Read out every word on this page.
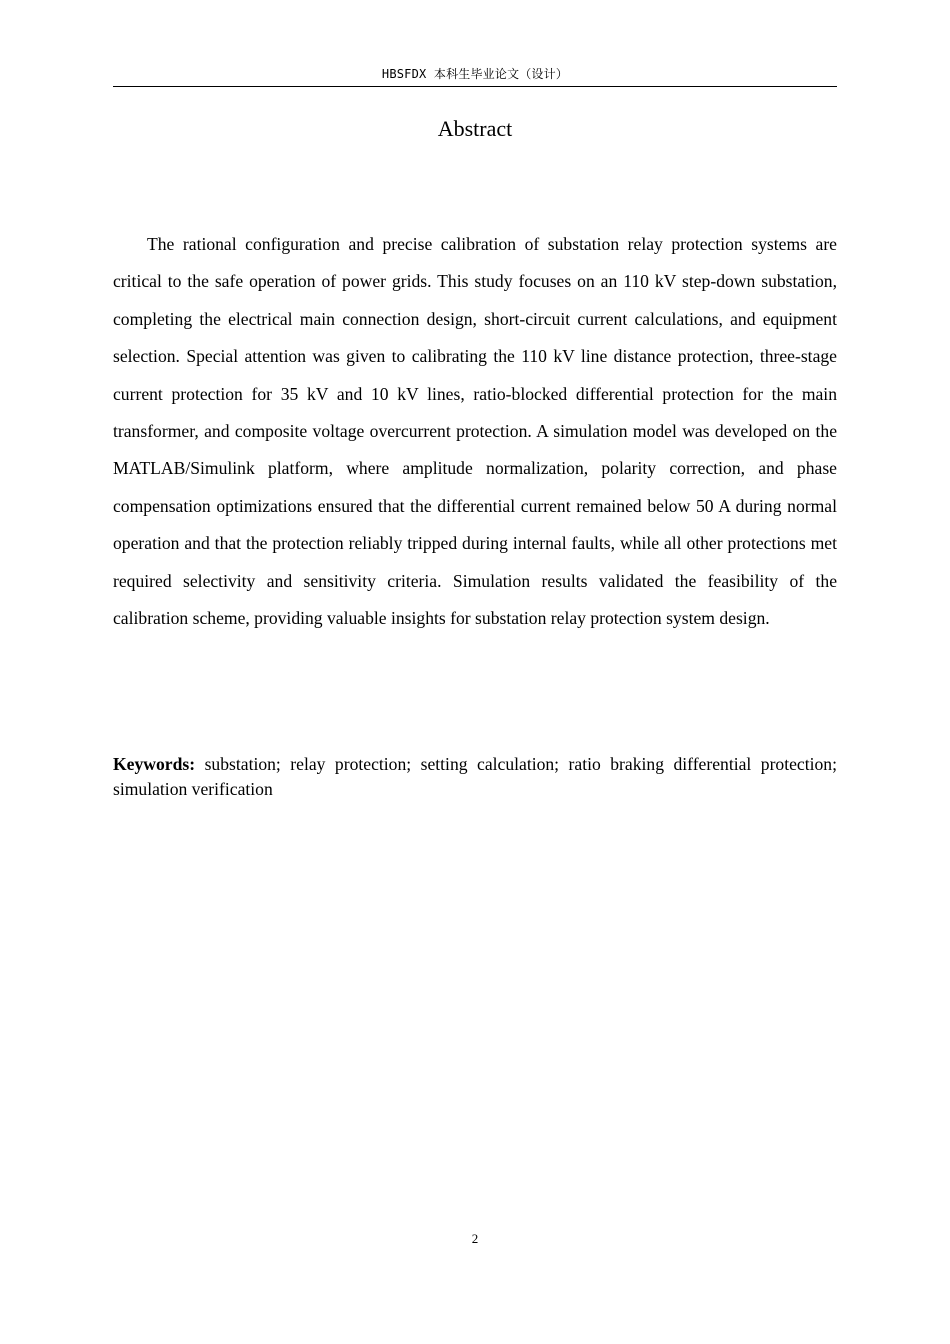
HBSFDX 本科生毕业论文（设计）
Abstract

The rational configuration and precise calibration of substation relay protection systems are critical to the safe operation of power grids. This study focuses on an 110 kV step-down substation, completing the electrical main connection design, short-circuit current calculations, and equipment selection. Special attention was given to calibrating the 110 kV line distance protection, three-stage current protection for 35 kV and 10 kV lines, ratio-blocked differential protection for the main transformer, and composite voltage overcurrent protection. A simulation model was developed on the MATLAB/Simulink platform, where amplitude normalization, polarity correction, and phase compensation optimizations ensured that the differential current remained below 50 A during normal operation and that the protection reliably tripped during internal faults, while all other protections met required selectivity and sensitivity criteria. Simulation results validated the feasibility of the calibration scheme, providing valuable insights for substation relay protection system design.

Keywords: substation; relay protection; setting calculation; ratio braking differential protection; simulation verification

2
